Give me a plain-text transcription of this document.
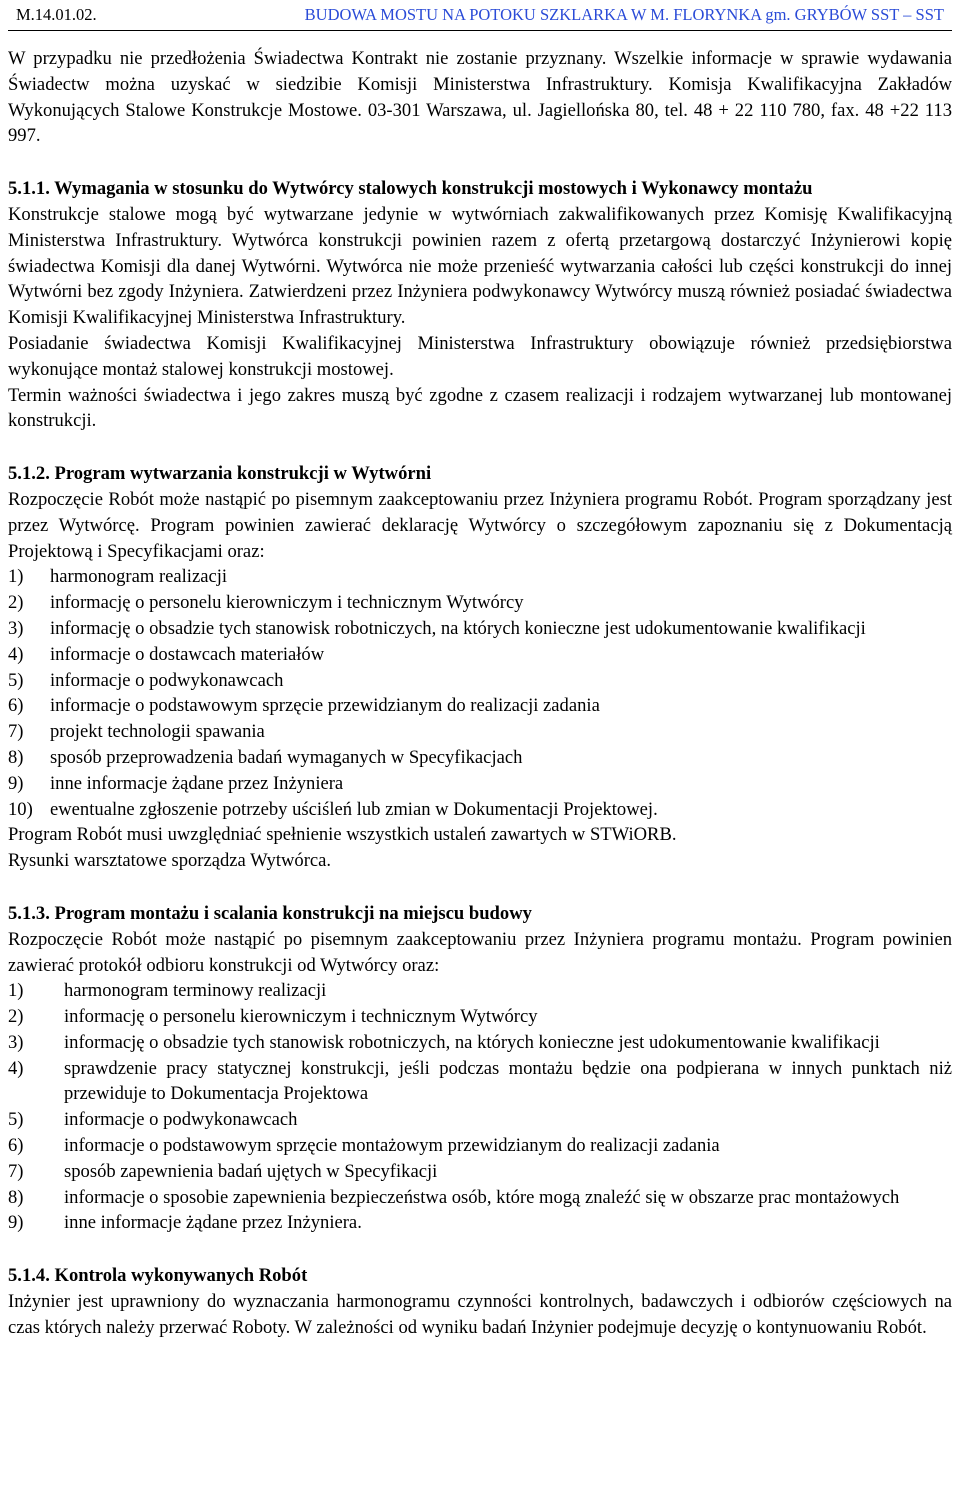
M.14.01.02.	BUDOWA MOSTU NA POTOKU SZKLARKA W M. FLORYNKA gm. GRYBÓW SST – SST

W przypadku nie przedłożenia Świadectwa Kontrakt nie zostanie przyznany. Wszelkie informacje w sprawie wydawania Świadectw można uzyskać w siedzibie Komisji Ministerstwa Infrastruktury. Komisja Kwalifikacyjna Zakładów Wykonujących Stalowe Konstrukcje Mostowe. 03-301 Warszawa, ul. Jagiellońska 80, tel. 48 + 22 110 780, fax. 48 +22 113 997.

5.1.1. Wymagania w stosunku do Wytwórcy stalowych konstrukcji mostowych i Wykonawcy montażu

Konstrukcje stalowe mogą być wytwarzane jedynie w wytwórniach zakwalifikowanych przez Komisję Kwalifikacyjną Ministerstwa Infrastruktury. Wytwórca konstrukcji powinien razem z ofertą przetargową dostarczyć Inżynierowi kopię świadectwa Komisji dla danej Wytwórni. Wytwórca nie może przenieść wytwarzania całości lub części konstrukcji do innej Wytwórni bez zgody Inżyniera. Zatwierdzeni przez Inżyniera podwykonawcy Wytwórcy muszą również posiadać świadectwa Komisji Kwalifikacyjnej Ministerstwa Infrastruktury.

Posiadanie świadectwa Komisji Kwalifikacyjnej Ministerstwa Infrastruktury obowiązuje również przedsiębiorstwa wykonujące montaż stalowej konstrukcji mostowej.

Termin ważności świadectwa i jego zakres muszą być zgodne z czasem realizacji i rodzajem wytwarzanej lub montowanej konstrukcji.

5.1.2. Program wytwarzania konstrukcji w Wytwórni

Rozpoczęcie Robót może nastąpić po pisemnym zaakceptowaniu przez Inżyniera programu Robót. Program sporządzany jest przez Wytwórcę. Program powinien zawierać deklarację Wytwórcy o szczegółowym zapoznaniu się z Dokumentacją Projektową i Specyfikacjami oraz:

1)	harmonogram realizacji
2)	informację o personelu kierowniczym i technicznym Wytwórcy
3)	informację o obsadzie tych stanowisk robotniczych, na których konieczne jest udokumentowanie kwalifikacji
4)	informacje o dostawcach materiałów
5)	informacje o podwykonawcach
6)	informacje o podstawowym sprzęcie przewidzianym do realizacji zadania
7)	projekt technologii spawania
8)	sposób przeprowadzenia badań wymaganych w Specyfikacjach
9)	inne informacje żądane przez Inżyniera
10) ewentualne zgłoszenie potrzeby uściśleń lub zmian w Dokumentacji Projektowej.

Program Robót musi uwzględniać spełnienie wszystkich ustaleń zawartych w STWiORB.

Rysunki warsztatowe sporządza Wytwórca.

5.1.3. Program montażu i scalania konstrukcji na miejscu budowy

Rozpoczęcie Robót może nastąpić po pisemnym zaakceptowaniu przez Inżyniera programu montażu. Program powinien zawierać protokół odbioru konstrukcji od Wytwórcy oraz:

1)	harmonogram terminowy realizacji
2)	informację o personelu kierowniczym i technicznym Wytwórcy
3)	informację o obsadzie tych stanowisk robotniczych, na których konieczne jest udokumentowanie kwalifikacji
4)	sprawdzenie pracy statycznej konstrukcji, jeśli podczas montażu będzie ona podpierana w innych punktach niż przewiduje to Dokumentacja Projektowa
5)	informacje o podwykonawcach
6)	informacje o podstawowym sprzęcie montażowym przewidzianym do realizacji zadania
7)	sposób zapewnienia badań ujętych w Specyfikacji
8)	informacje o sposobie zapewnienia bezpieczeństwa osób, które mogą znaleźć się w obszarze prac montażowych
9)	inne informacje żądane przez Inżyniera.

5.1.4. Kontrola wykonywanych Robót

Inżynier jest uprawniony do wyznaczania harmonogramu czynności kontrolnych, badawczych i odbiorów częściowych na czas których należy przerwać Roboty. W zależności od wyniku badań Inżynier podejmuje decyzję o kontynuowaniu Robót.
